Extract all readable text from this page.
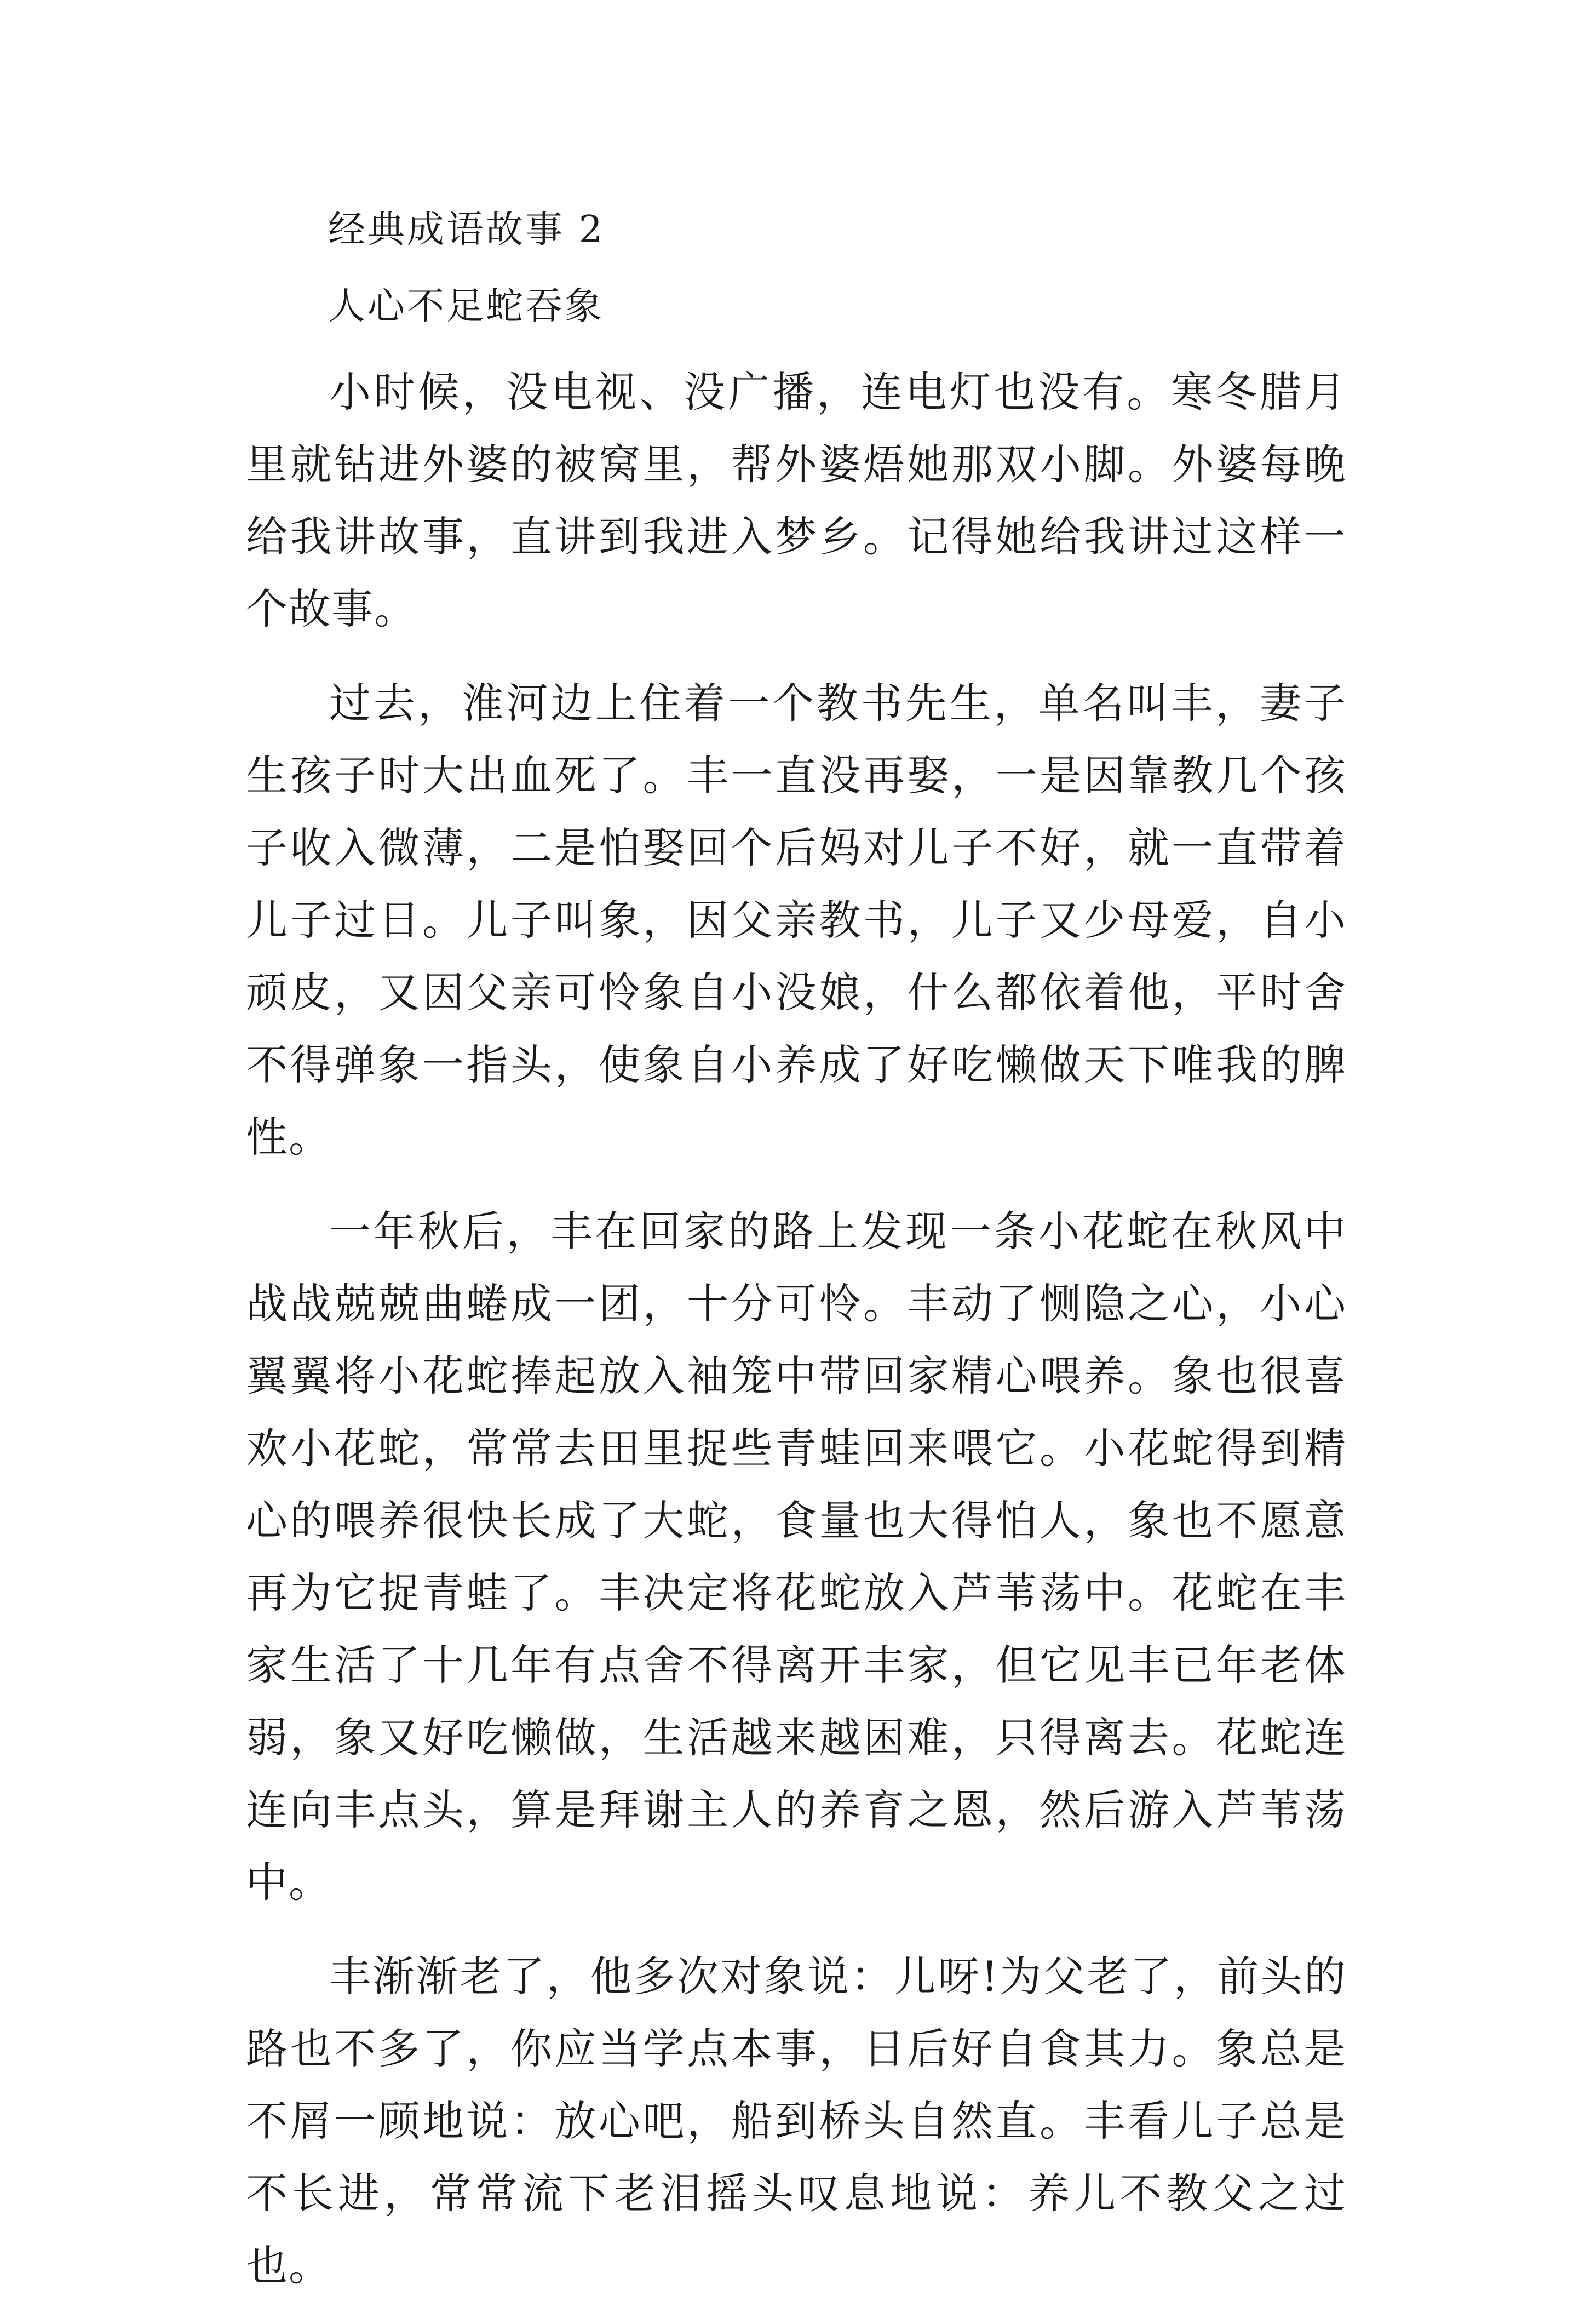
经典成语故事 2

人心不足蛇吞象

小时候，没电视、没广播，连电灯也没有。寒冬腊月里就钻进外婆的被窝里，帮外婆焐她那双小脚。外婆每晚给我讲故事，直讲到我进入梦乡。记得她给我讲过这样一个故事。

过去，淮河边上住着一个教书先生，单名叫丰，妻子生孩子时大出血死了。丰一直没再娶，一是因靠教几个孩子收入微薄，二是怕娶回个后妈对儿子不好，就一直带着儿子过日。儿子叫象，因父亲教书，儿子又少母爱，自小顽皮，又因父亲可怜象自小没娘，什么都依着他，平时舍不得弹象一指头，使象自小养成了好吃懒做天下唯我的脾性。

一年秋后，丰在回家的路上发现一条小花蛇在秋风中战战兢兢曲蜷成一团，十分可怜。丰动了恻隐之心，小心翼翼将小花蛇捧起放入袖笼中带回家精心喂养。象也很喜欢小花蛇，常常去田里捉些青蛙回来喂它。小花蛇得到精心的喂养很快长成了大蛇，食量也大得怕人，象也不愿意再为它捉青蛙了。丰决定将花蛇放入芦苇荡中。花蛇在丰家生活了十几年有点舍不得离开丰家，但它见丰已年老体弱，象又好吃懒做，生活越来越困难，只得离去。花蛇连连向丰点头，算是拜谢主人的养育之恩，然后游入芦苇荡中。

丰渐渐老了，他多次对象说：儿呀!为父老了，前头的路也不多了，你应当学点本事，日后好自食其力。象总是不屑一顾地说：放心吧，船到桥头自然直。丰看儿子总是不长进，常常流下老泪摇头叹息地说：养儿不教父之过也。
